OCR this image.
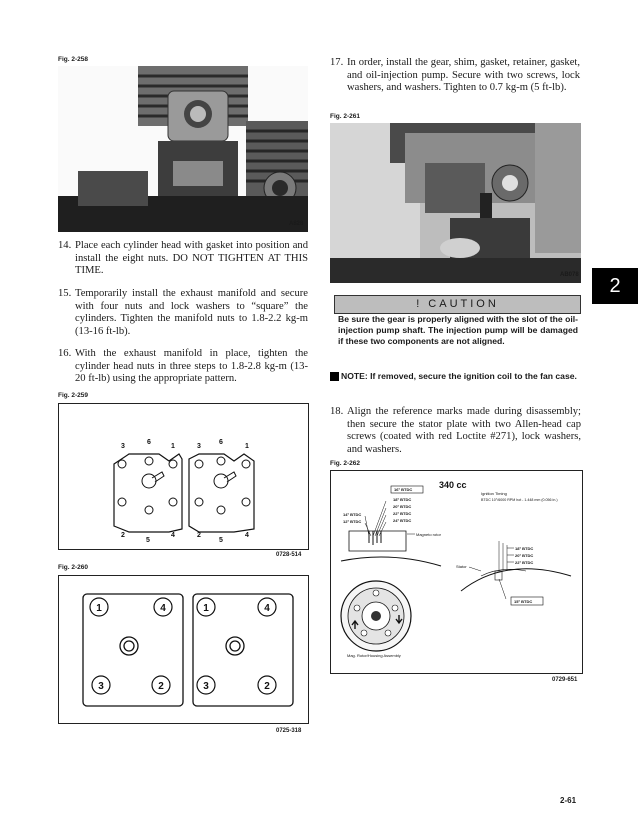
2
Fig. 2-258
A828
14. Place each cylinder head with gasket into position and install the eight nuts. DO NOT TIGHTEN AT THIS TIME.
15. Temporarily install the exhaust manifold and secure with four nuts and lock washers to “square” the cylinders. Tighten the manifold nuts to 1.8-2.2 kg-m (13-16 ft-lb).
16. With the exhaust manifold in place, tighten the cylinder head nuts in three steps to 1.8-2.8 kg-m (13-20 ft-lb) using the appropriate pattern.
Fig. 2-259
3
6
1
2
5
4
3
6
1
2
5
4
0728-514
Fig. 2-260
1	4
3	2
1	4
3	2
0725-318
17. In order, install the gear, shim, gasket, retainer, gasket, and oil-injection pump. Secure with two screws, lock washers, and washers. Tighten to 0.7 kg-m (5 ft-lb).
Fig. 2-261
AB078
! CAUTION
Be sure the gear is properly aligned with the slot of the oil-injection pump shaft. The injection pump will be damaged if these two components are not aligned.
NOTE: If removed, secure the ignition coil to the fan case.
18. Align the reference marks made during disassembly; then secure the stator plate with two Allen-head cap screws (coated with red Loctite #271), lock washers, and washers.
Fig. 2-262
340 cc
Ignition Timing
BTDC 10°/6000 RPM hot - 1.448 mm (0.056 in.)
16° BTDC
18° BTDC
20° BTDC
22° BTDC
24° BTDC
14° BTDC
12° BTDC
Magneto rotor
Mag. Rotor/Housing Assembly
Stator
18° BTDC
20° BTDC
22° BTDC
15° BTDC
0729-651
2-61
